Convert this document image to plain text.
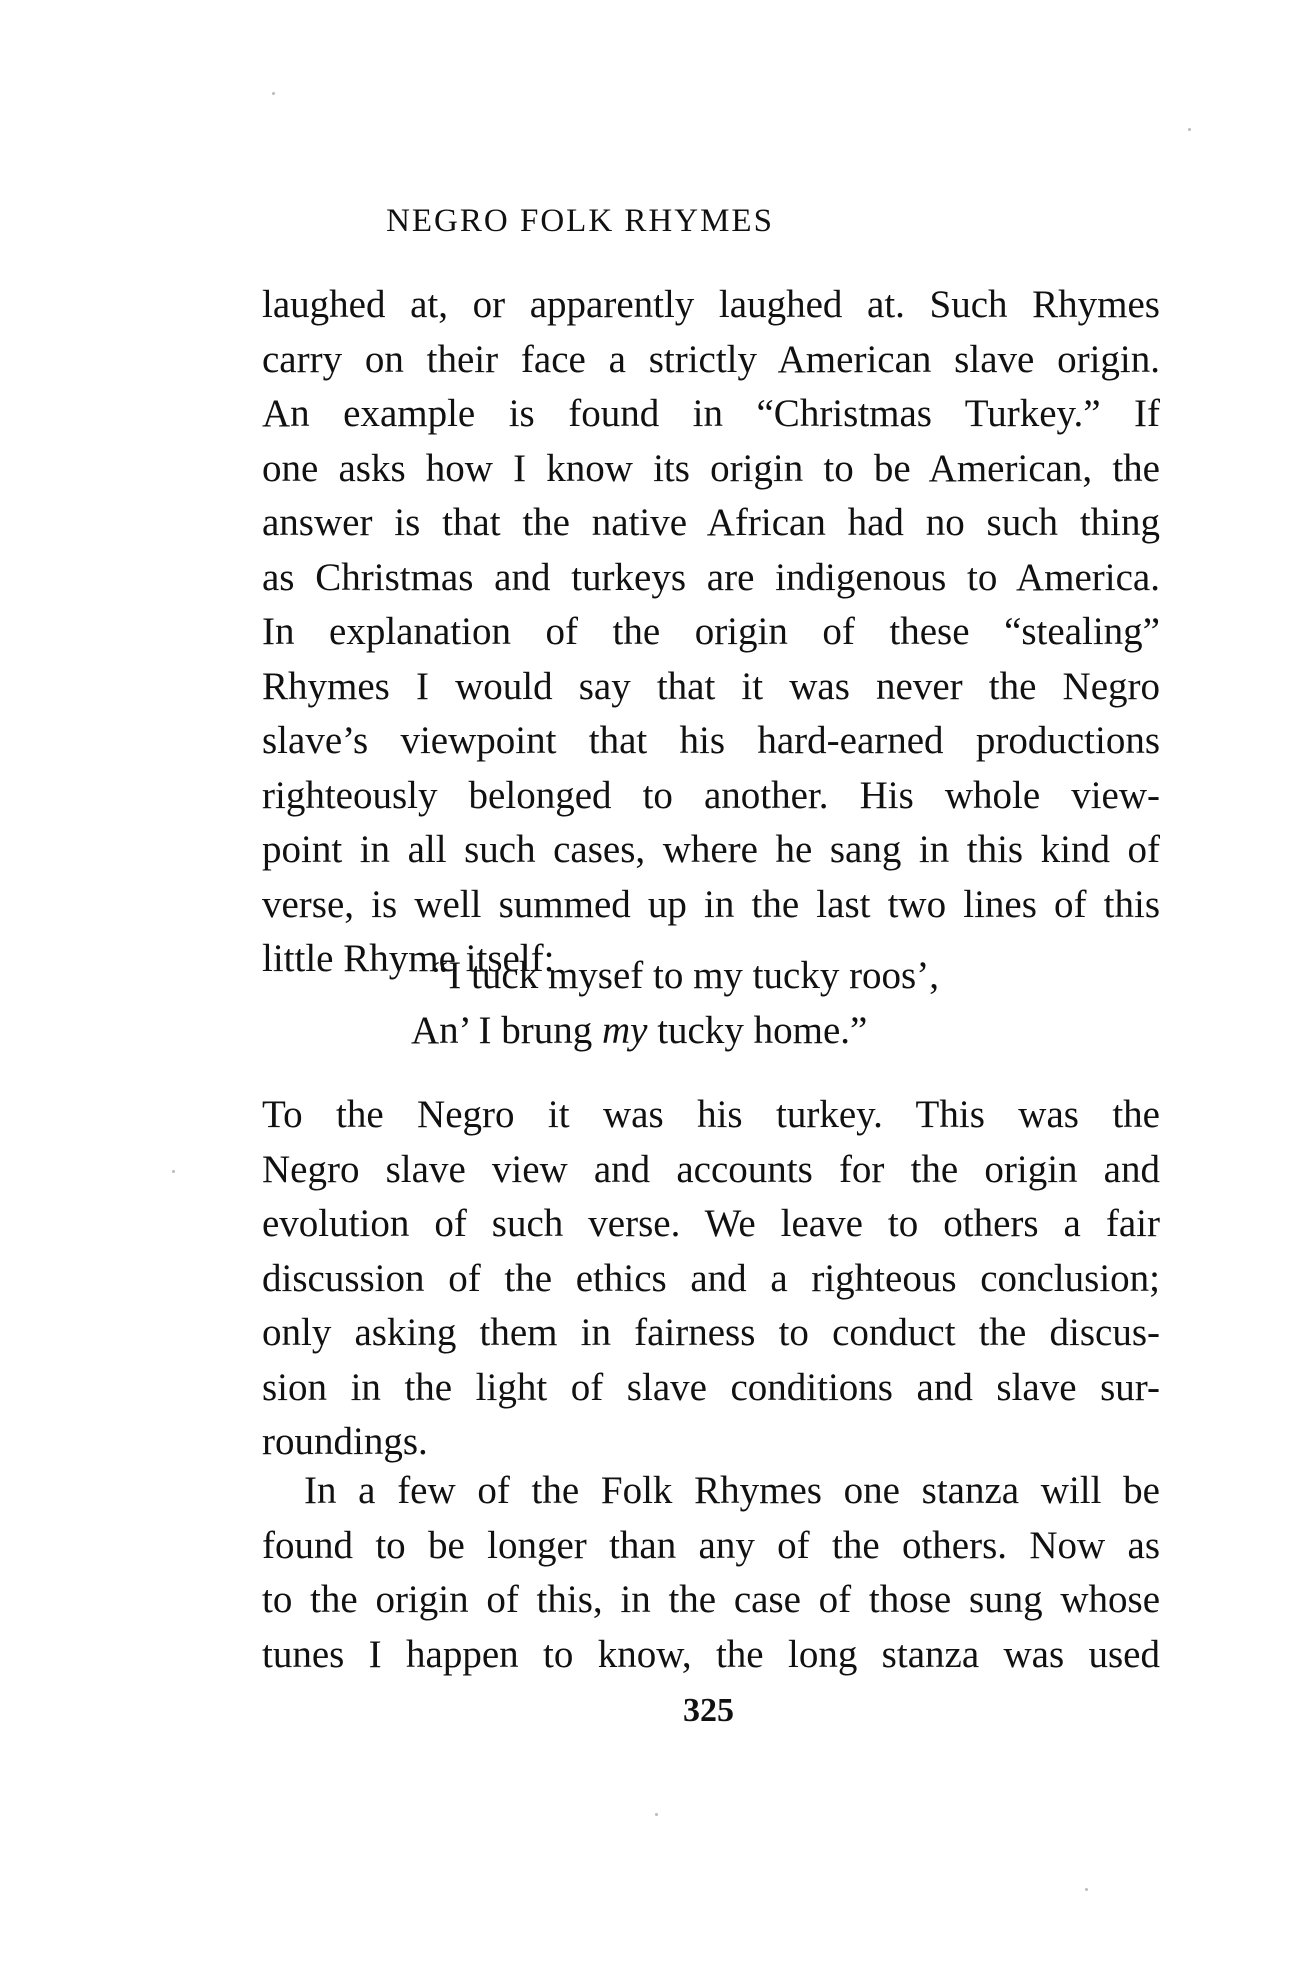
NEGRO FOLK RHYMES
laughed at, or apparently laughed at. Such Rhymes
carry on their face a strictly American slave origin.
An example is found in “Christmas Turkey.” If
one asks how I know its origin to be American, the
answer is that the native African had no such thing
as Christmas and turkeys are indigenous to America.
In explanation of the origin of these “stealing”
Rhymes I would say that it was never the Negro
slave’s viewpoint that his hard-earned productions
righteously belonged to another. His whole view-
point in all such cases, where he sang in this kind of
verse, is well summed up in the last two lines of this
little Rhyme itself:
“I tuck mysef to my tucky roos’,
An’ I brung my tucky home.”
To the Negro it was his turkey. This was the
Negro slave view and accounts for the origin and
evolution of such verse. We leave to others a fair
discussion of the ethics and a righteous conclusion;
only asking them in fairness to conduct the discus-
sion in the light of slave conditions and slave sur-
roundings.
In a few of the Folk Rhymes one stanza will be
found to be longer than any of the others. Now as
to the origin of this, in the case of those sung whose
tunes I happen to know, the long stanza was used
325
